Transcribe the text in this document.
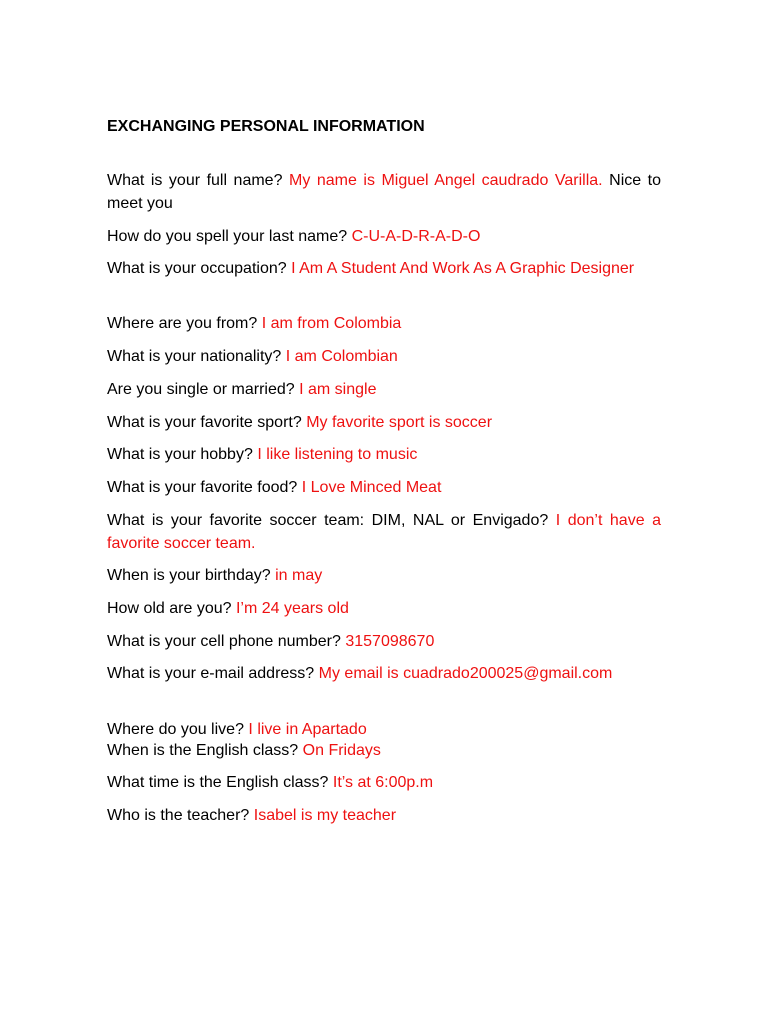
EXCHANGING PERSONAL INFORMATION

What is your full name? My name is Miguel Angel caudrado Varilla. Nice to meet you

How do you spell your last name? C-U-A-D-R-A-D-O

What is your occupation? I Am A Student And Work As A Graphic Designer

Where are you from? I am from Colombia

What is your nationality? I am Colombian

Are you single or married? I am single

What is your favorite sport? My favorite sport is soccer

What is your hobby? I like listening to music

What is your favorite food? I Love Minced Meat

What is your favorite soccer team: DIM, NAL or Envigado? I don’t have a favorite soccer team.

When is your birthday? in may

How old are you? I’m 24 years old

What is your cell phone number? 3157098670

What is your e-mail address? My email is cuadrado200025@gmail.com

Where do you live? I live in Apartado

When is the English class? On Fridays

What time is the English class? It’s at 6:00p.m

Who is the teacher? Isabel is my teacher
